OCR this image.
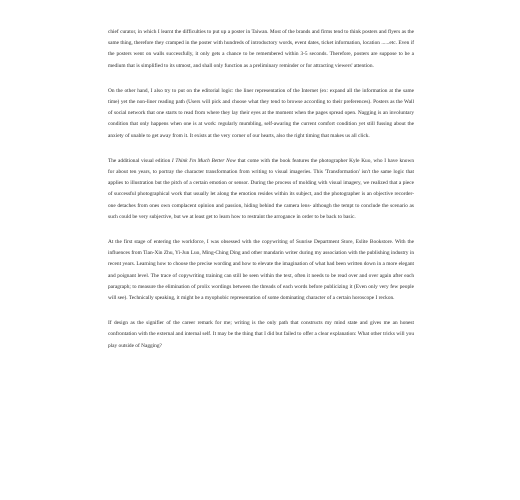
chief curator, in which I learnt the difficulties to put up a poster in Taiwan. Most of the brands and firms tend to think posters and flyers as the same thing, therefore they cramped in the poster with hundreds of introductory words, event dates, ticket information, location ......etc. Even if the posters went on walls successfully, it only gets a chance to be remembered within 3-5 seconds. Therefore, posters are suppose to be a medium that is simplified to its utmost, and shall only function as a preliminary reminder or for attracting viewers' attention.

On the other hand, I also try to put on the editorial logic: the liner representation of the Internet (ex: expand all the information at the same time) yet the non-liner reading path (Users will pick and choose what they tend to browse according to their preferences). Posters as the Wall of social network that one starts to read from where they lay their eyes at the moment when the pages spread open. Nagging is an involuntary condition that only happens when one is at work: regularly mumbling, self-awaring the current comfort condition yet still fussing about the anxiety of unable to get away from it. It exists at the very corner of our hearts, also the right timing that makes us all click.

The additional visual edition I Think I'm Much Better Now that come with the book features the photographer Kyle Kuo, who I have known for about ten years, to portray the character transformation from writing to visual imageries. This 'Transformation' isn't the same logic that applies to illustration but the pitch of a certain emotion or sensor. During the process of molding with visual imagery, we realized that a piece of successful photographical work that usually let along the emotion resides within its subject, and the photographer is an objective recorder- one detaches from ones own complacent opinion and passion, hiding behind the camera lens- although the tempt to conclude the scenario as such could be very subjective, but we at least get to learn how to restraint the arrogance in order to be back to basic.

At the first stage of entering the workforce, I was obsessed with the copywriting of Sunrise Department Store, Eslite Bookstore. With the influences from Tian-Xin Zhu, Yi-Jun Luo, Ming-Ching Ding and other mandarin writer during my association with the publishing industry in recent years. Learning how to choose the precise wording and how to elevate the imagination of what had been written down in a more elegant and poignant level. The trace of copywriting training can still be seen within the text, often it needs to be read over and over again after each paragraph; to measure the elimination of prolix wordings between the threads of each words before publicizing it (Even only very few people will see). Technically speaking, it might be a myophobic representation of some dominating character of a certain horoscope I reckon.

If design as the signifier of the career remark for me; writing is the only path that constructs my mind state and gives me an honest confrontation with the external and internal self. It may be the thing that I did but failed to offer a clear explanation: What other tricks will you play outside of Nagging?
